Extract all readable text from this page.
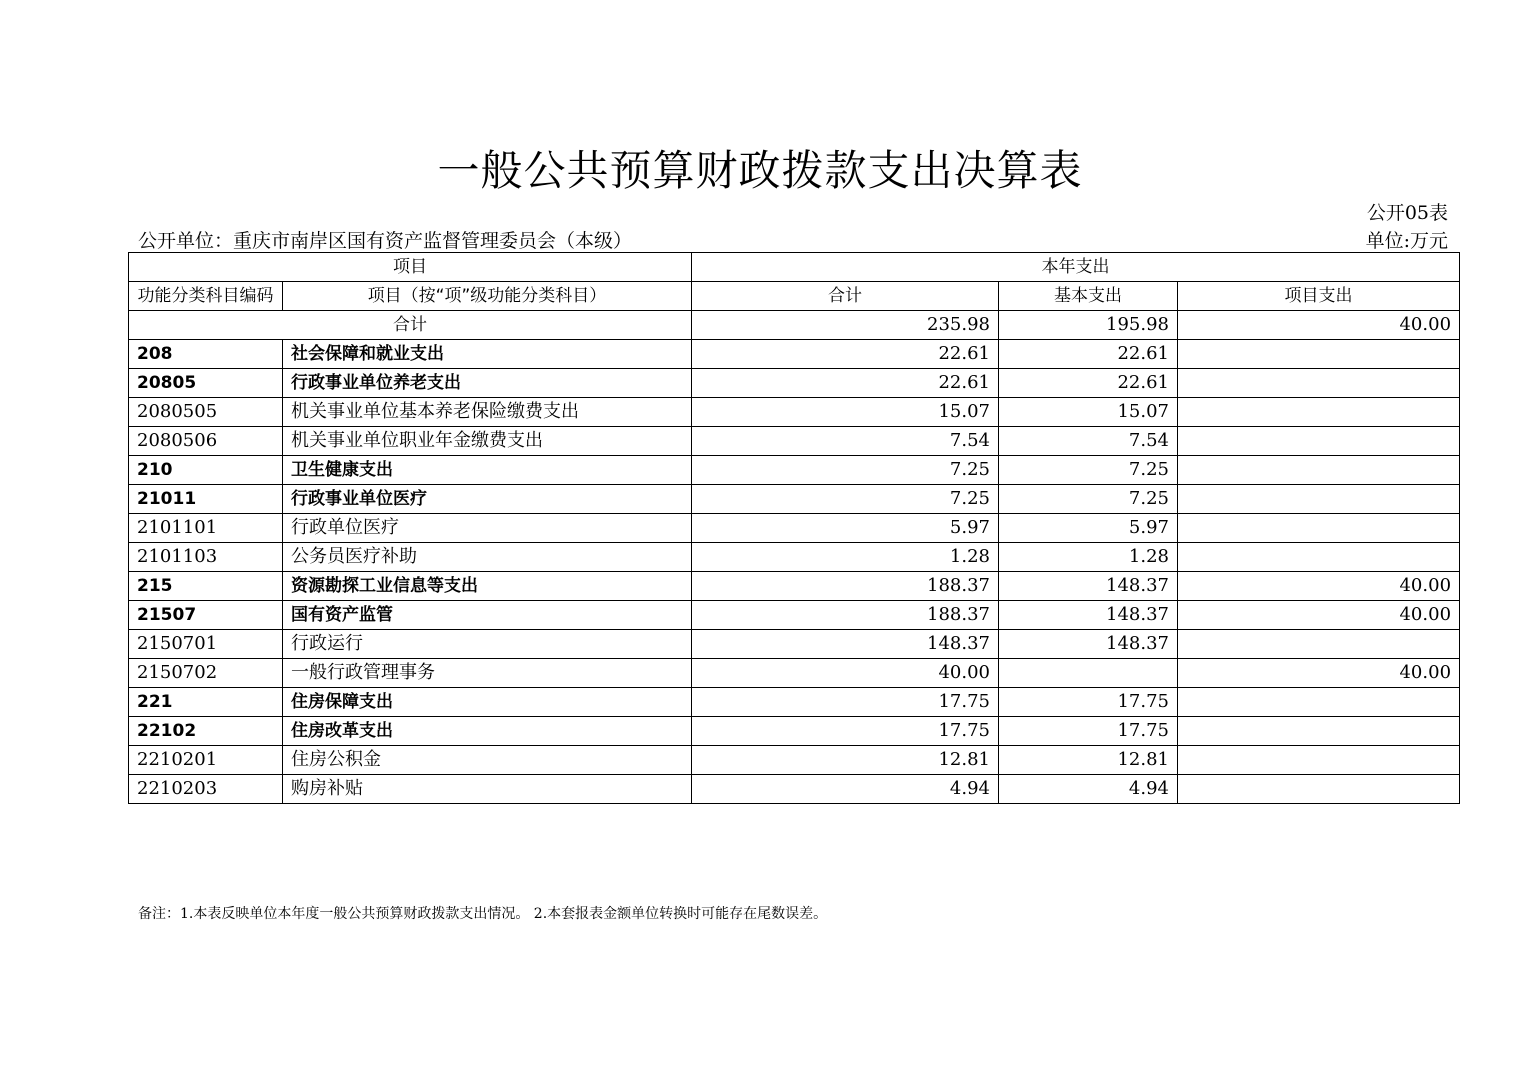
一般公共预算财政拨款支出决算表
公开05表
公开单位：重庆市南岸区国有资产监督管理委员会（本级）	单位:万元
项目		本年支出		
功能分类科目编码	项目（按“项”级功能分类科目）	合计	基本支出	项目支出
合计		235.98	195.98	40.00
208	社会保障和就业支出	22.61	22.61	
20805	行政事业单位养老支出	22.61	22.61	
2080505	机关事业单位基本养老保险缴费支出	15.07	15.07	
2080506	机关事业单位职业年金缴费支出	7.54	7.54	
210	卫生健康支出	7.25	7.25	
21011	行政事业单位医疗	7.25	7.25	
2101101	行政单位医疗	5.97	5.97	
2101103	公务员医疗补助	1.28	1.28	
215	资源勘探工业信息等支出	188.37	148.37	40.00
21507	国有资产监管	188.37	148.37	40.00
2150701	行政运行	148.37	148.37	
2150702	一般行政管理事务	40.00		40.00
221	住房保障支出	17.75	17.75	
22102	住房改革支出	17.75	17.75	
2210201	住房公积金	12.81	12.81	
2210203	购房补贴	4.94	4.94	
备注：1.本表反映单位本年度一般公共预算财政拨款支出情况。 2.本套报表金额单位转换时可能存在尾数误差。
